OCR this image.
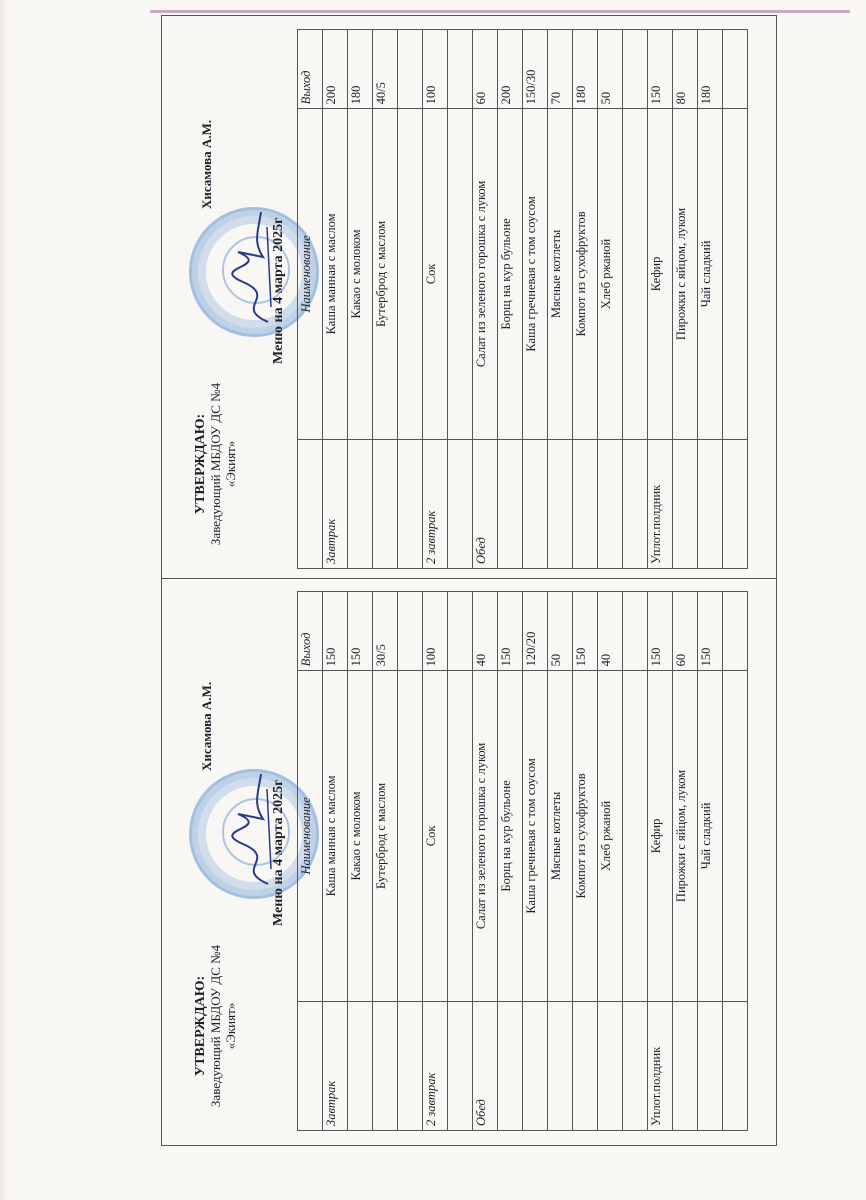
УТВЕРЖДАЮ: Заведующий МБДОУ ДС №4 «Экият»
Хисамова А.М.
Меню на 4 марта 2025г
	Наименование	Выход
Завтрак	Каша манная с маслом	200
	Какао с молоком	180
	Бутерброд с маслом	40/5

2 завтрак	Сок	100

Обед	Салат из зеленого горошка с луком	60
	Борщ на кур бульоне	200
	Каша гречневая с том соусом	150/30
	Мясные котлеты	70
	Компот из сухофруктов	180
	Хлеб ржаной	50

Уплот.полдник	Кефир	150
	Пирожки с яйцом, луком	80
	Чай сладкий	180

УТВЕРЖДАЮ: Заведующий МБДОУ ДС №4 «Экият»
Хисамова А.М.
Меню на 4 марта 2025г
	Наименование	Выход
Завтрак	Каша манная с маслом	150
	Какао с молоком	150
	Бутерброд с маслом	30/5

2 завтрак	Сок	100

Обед	Салат из зеленого горошка с луком	40
	Борщ на кур бульоне	150
	Каша гречневая с том соусом	120/20
	Мясные котлеты	50
	Компот из сухофруктов	150
	Хлеб ржаной	40

Уплот.полдник	Кефир	150
	Пирожки с яйцом, луком	60
	Чай сладкий	150
